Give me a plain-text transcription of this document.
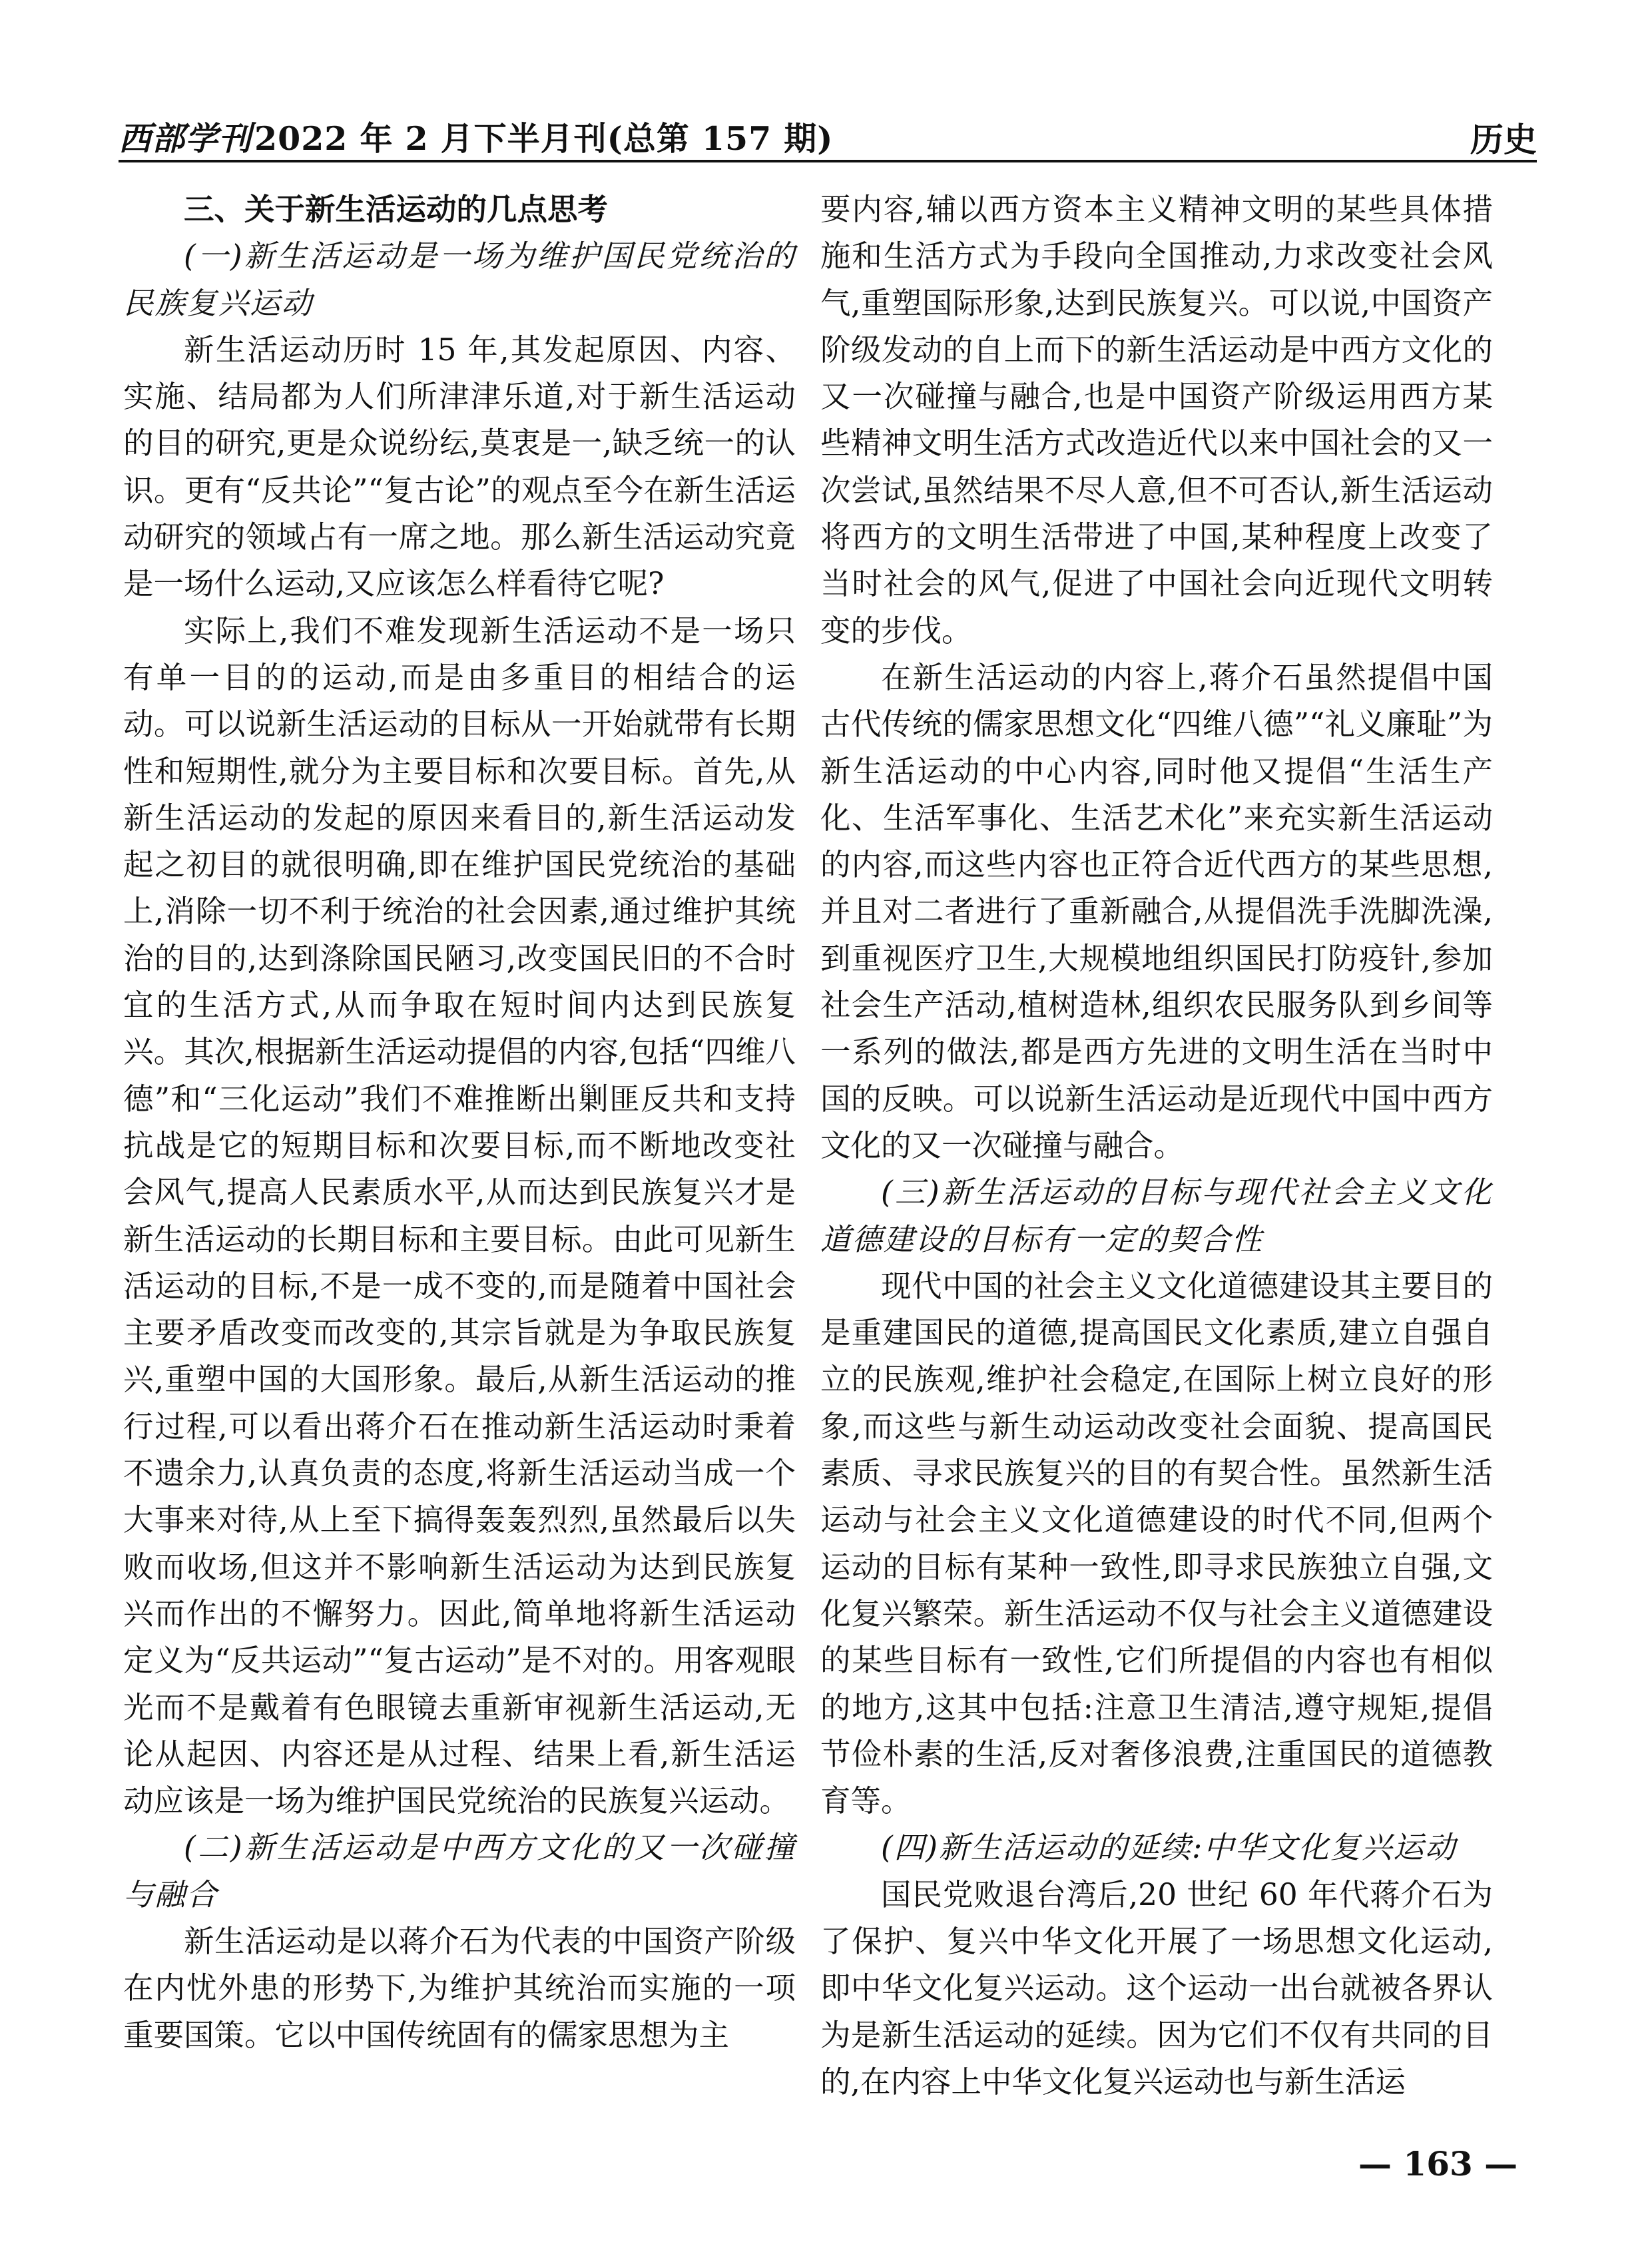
西部学刊2022 年 2 月下半月刊(总第 157 期)	历史

三、关于新生活运动的几点思考

(一)新生活运动是一场为维护国民党统治的民族复兴运动

新生活运动历时 15 年,其发起原因、内容、实施、结局都为人们所津津乐道,对于新生活运动的目的研究,更是众说纷纭,莫衷是一,缺乏统一的认识。更有“反共论”“复古论”的观点至今在新生活运动研究的领域占有一席之地。那么新生活运动究竟是一场什么运动,又应该怎么样看待它呢?

实际上,我们不难发现新生活运动不是一场只有单一目的的运动,而是由多重目的相结合的运动。可以说新生活运动的目标从一开始就带有长期性和短期性,就分为主要目标和次要目标。首先,从新生活运动的发起的原因来看目的,新生活运动发起之初目的就很明确,即在维护国民党统治的基础上,消除一切不利于统治的社会因素,通过维护其统治的目的,达到涤除国民陋习,改变国民旧的不合时宜的生活方式,从而争取在短时间内达到民族复兴。其次,根据新生活运动提倡的内容,包括“四维八德”和“三化运动”我们不难推断出剿匪反共和支持抗战是它的短期目标和次要目标,而不断地改变社会风气,提高人民素质水平,从而达到民族复兴才是新生活运动的长期目标和主要目标。由此可见新生活运动的目标,不是一成不变的,而是随着中国社会主要矛盾改变而改变的,其宗旨就是为争取民族复兴,重塑中国的大国形象。最后,从新生活运动的推行过程,可以看出蒋介石在推动新生活运动时秉着不遗余力,认真负责的态度,将新生活运动当成一个大事来对待,从上至下搞得轰轰烈烈,虽然最后以失败而收场,但这并不影响新生活运动为达到民族复兴而作出的不懈努力。因此,简单地将新生活运动定义为“反共运动”“复古运动”是不对的。用客观眼光而不是戴着有色眼镜去重新审视新生活运动,无论从起因、内容还是从过程、结果上看,新生活运动应该是一场为维护国民党统治的民族复兴运动。

(二)新生活运动是中西方文化的又一次碰撞与融合

新生活运动是以蒋介石为代表的中国资产阶级在内忧外患的形势下,为维护其统治而实施的一项重要国策。它以中国传统固有的儒家思想为主

要内容,辅以西方资本主义精神文明的某些具体措施和生活方式为手段向全国推动,力求改变社会风气,重塑国际形象,达到民族复兴。可以说,中国资产阶级发动的自上而下的新生活运动是中西方文化的又一次碰撞与融合,也是中国资产阶级运用西方某些精神文明生活方式改造近代以来中国社会的又一次尝试,虽然结果不尽人意,但不可否认,新生活运动将西方的文明生活带进了中国,某种程度上改变了当时社会的风气,促进了中国社会向近现代文明转变的步伐。

在新生活运动的内容上,蒋介石虽然提倡中国古代传统的儒家思想文化“四维八德”“礼义廉耻”为新生活运动的中心内容,同时他又提倡“生活生产化、生活军事化、生活艺术化”来充实新生活运动的内容,而这些内容也正符合近代西方的某些思想,并且对二者进行了重新融合,从提倡洗手洗脚洗澡,到重视医疗卫生,大规模地组织国民打防疫针,参加社会生产活动,植树造林,组织农民服务队到乡间等一系列的做法,都是西方先进的文明生活在当时中国的反映。可以说新生活运动是近现代中国中西方文化的又一次碰撞与融合。

(三)新生活运动的目标与现代社会主义文化道德建设的目标有一定的契合性

现代中国的社会主义文化道德建设其主要目的是重建国民的道德,提高国民文化素质,建立自强自立的民族观,维护社会稳定,在国际上树立良好的形象,而这些与新生动运动改变社会面貌、提高国民素质、寻求民族复兴的目的有契合性。虽然新生活运动与社会主义文化道德建设的时代不同,但两个运动的目标有某种一致性,即寻求民族独立自强,文化复兴繁荣。新生活运动不仅与社会主义道德建设的某些目标有一致性,它们所提倡的内容也有相似的地方,这其中包括:注意卫生清洁,遵守规矩,提倡节俭朴素的生活,反对奢侈浪费,注重国民的道德教育等。

(四)新生活运动的延续:中华文化复兴运动

国民党败退台湾后,20 世纪 60 年代蒋介石为了保护、复兴中华文化开展了一场思想文化运动,即中华文化复兴运动。这个运动一出台就被各界认为是新生活运动的延续。因为它们不仅有共同的目的,在内容上中华文化复兴运动也与新生活运

— 163 —
